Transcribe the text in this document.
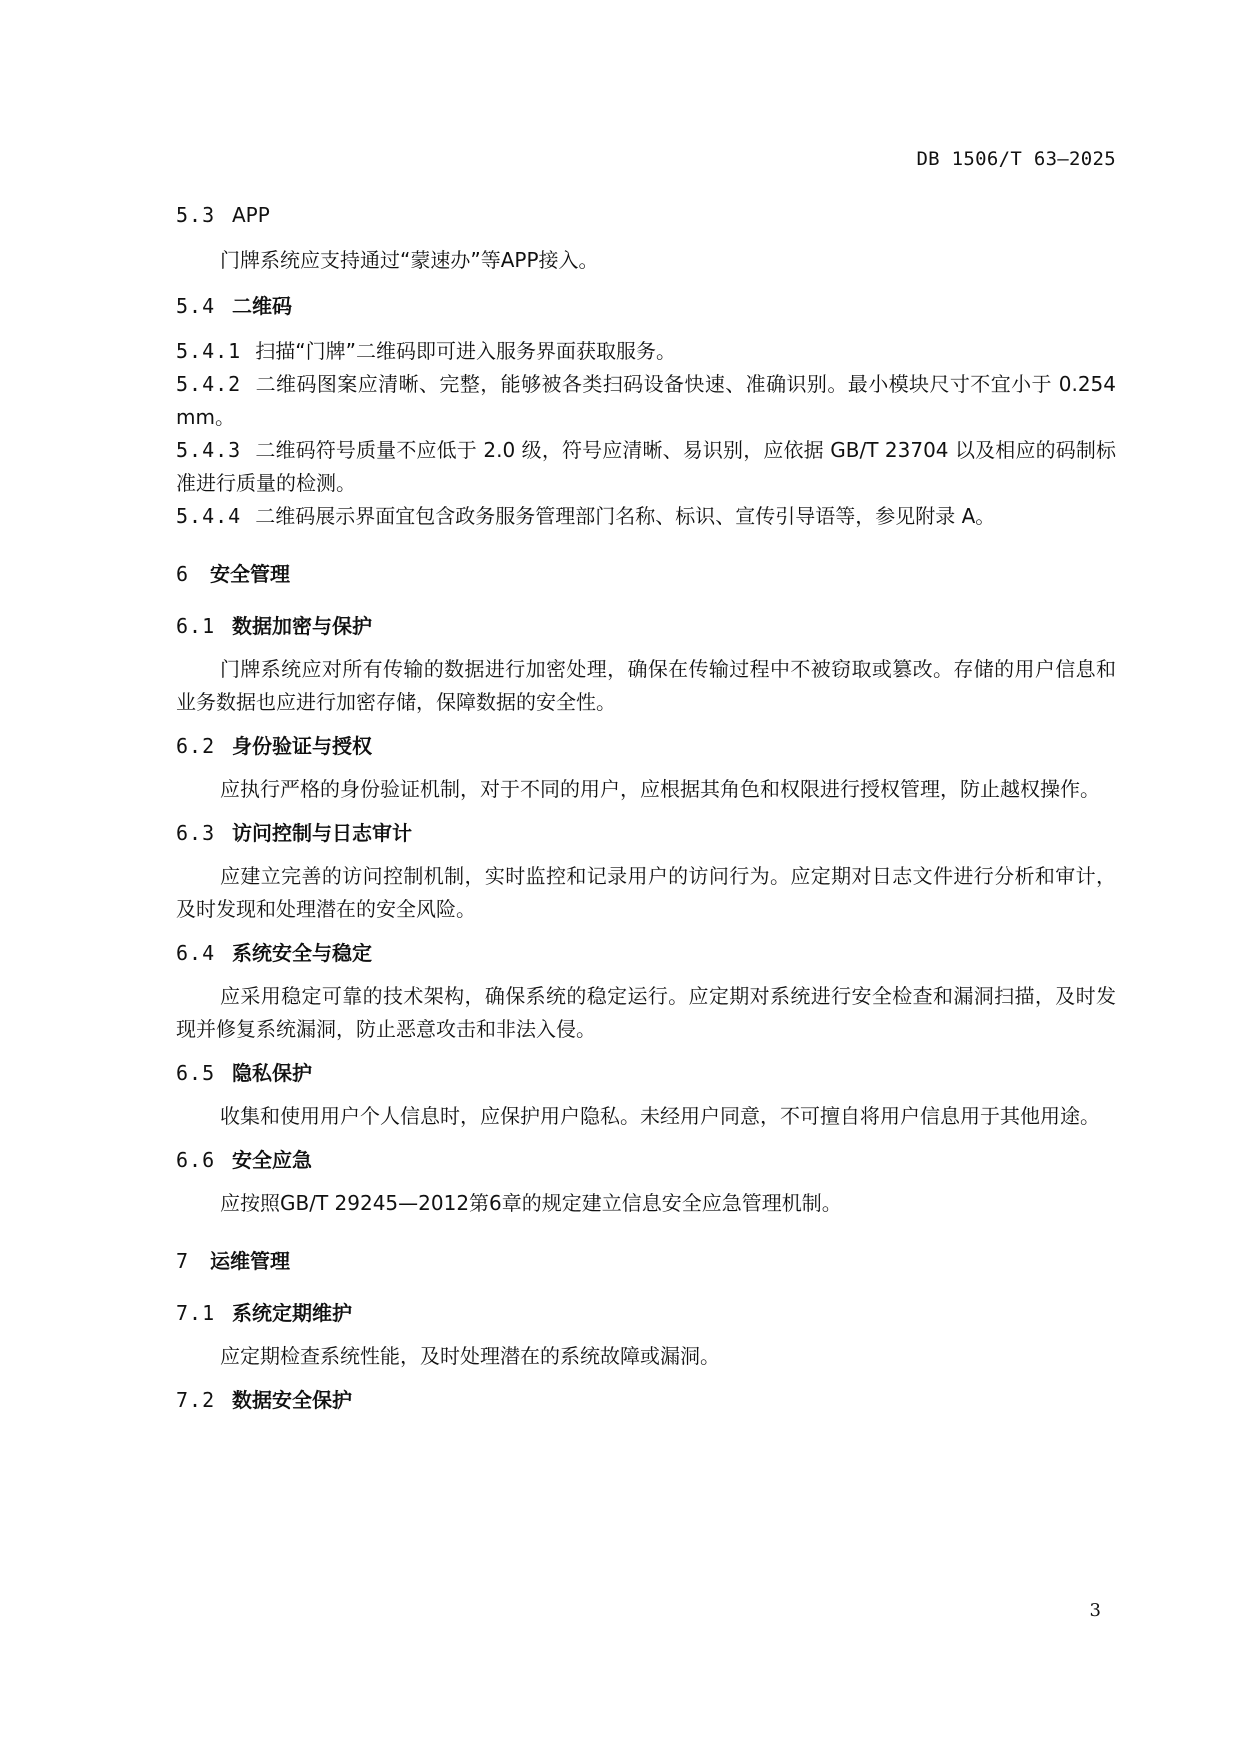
DB 1506/T 63—2025
5.3 APP
门牌系统应支持通过“蒙速办”等APP接入。
5.4 二维码
5.4.1 扫描“门牌”二维码即可进入服务界面获取服务。
5.4.2 二维码图案应清晰、完整，能够被各类扫码设备快速、准确识别。最小模块尺寸不宜小于 0.254 mm。
5.4.3 二维码符号质量不应低于 2.0 级，符号应清晰、易识别，应依据 GB/T 23704 以及相应的码制标准进行质量的检测。
5.4.4 二维码展示界面宜包含政务服务管理部门名称、标识、宣传引导语等，参见附录 A。
6	安全管理
6.1 数据加密与保护
门牌系统应对所有传输的数据进行加密处理，确保在传输过程中不被窃取或篡改。存储的用户信息和业务数据也应进行加密存储，保障数据的安全性。
6.2 身份验证与授权
应执行严格的身份验证机制，对于不同的用户，应根据其角色和权限进行授权管理，防止越权操作。
6.3 访问控制与日志审计
应建立完善的访问控制机制，实时监控和记录用户的访问行为。应定期对日志文件进行分析和审计，及时发现和处理潜在的安全风险。
6.4 系统安全与稳定
应采用稳定可靠的技术架构，确保系统的稳定运行。应定期对系统进行安全检查和漏洞扫描，及时发现并修复系统漏洞，防止恶意攻击和非法入侵。
6.5 隐私保护
收集和使用用户个人信息时，应保护用户隐私。未经用户同意，不可擅自将用户信息用于其他用途。
6.6 安全应急
应按照GB/T 29245—2012第6章的规定建立信息安全应急管理机制。
7	运维管理
7.1 系统定期维护
应定期检查系统性能，及时处理潜在的系统故障或漏洞。
7.2 数据安全保护
3
